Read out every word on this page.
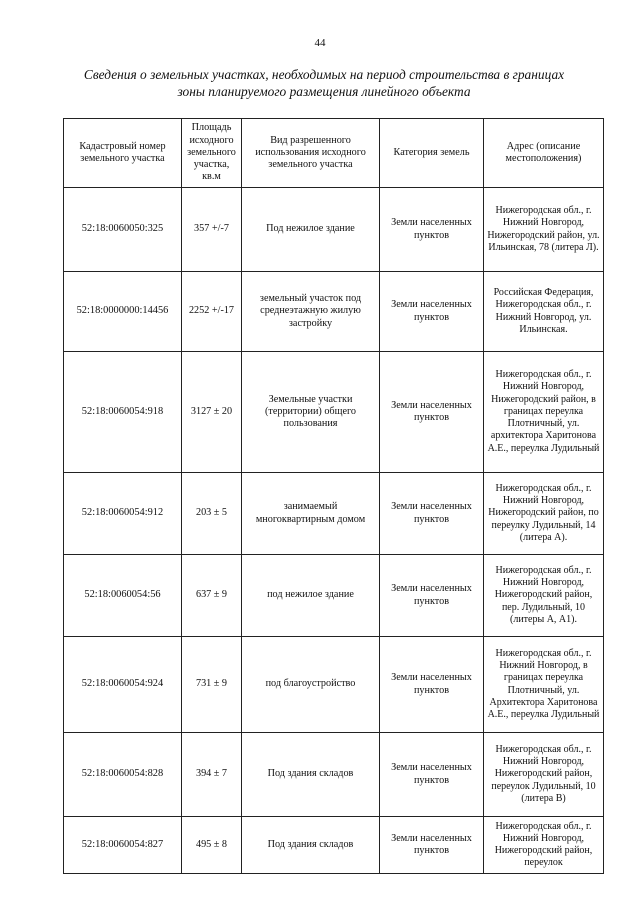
44
Сведения о земельных участках, необходимых на период строительства в границах
зоны планируемого размещения линейного объекта
Кадастровый номер земельного участка	Площадь исходного земельного участка, кв.м	Вид разрешенного использования исходного земельного участка	Категория земель	Адрес (описание местоположения)
52:18:0060050:325	357 +/-7	Под нежилое здание	Земли населенных пунктов	Нижегородская обл., г. Нижний Новгород, Нижегородский район, ул. Ильинская, 78 (литера Л).
52:18:0000000:14456	2252 +/-17	земельный участок под среднеэтажную жилую застройку	Земли населенных пунктов	Российская Федерация, Нижегородская обл., г. Нижний Новгород, ул. Ильинская.
52:18:0060054:918	3127 ± 20	Земельные участки (территории) общего пользования	Земли населенных пунктов	Нижегородская обл., г. Нижний Новгород, Нижегородский район, в границах переулка Плотничный, ул. архитектора Харитонова А.Е., переулка Лудильный
52:18:0060054:912	203 ± 5	занимаемый многоквартирным домом	Земли населенных пунктов	Нижегородская обл., г. Нижний Новгород, Нижегородский район, по переулку Лудильный, 14 (литера А).
52:18:0060054:56	637 ± 9	под нежилое здание	Земли населенных пунктов	Нижегородская обл., г. Нижний Новгород, Нижегородский район, пер. Лудильный, 10 (литеры А, А1).
52:18:0060054:924	731 ± 9	под благоустройство	Земли населенных пунктов	Нижегородская обл., г. Нижний Новгород, в границах переулка Плотничный, ул. Архитектора Харитонова А.Е., переулка Лудильный
52:18:0060054:828	394 ± 7	Под здания складов	Земли населенных пунктов	Нижегородская обл., г. Нижний Новгород, Нижегородский район, переулок Лудильный, 10 (литера В)
52:18:0060054:827	495 ± 8	Под здания складов	Земли населенных пунктов	Нижегородская обл., г. Нижний Новгород, Нижегородский район, переулок
